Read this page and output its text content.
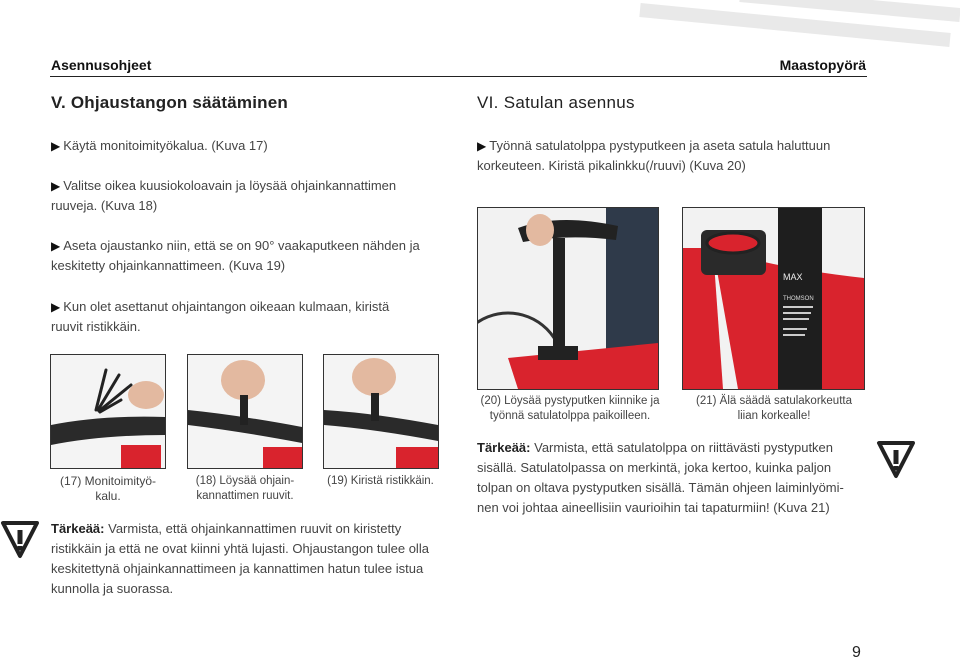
Asennusohjeet	Maastopyörä
V. Ohjaustangon säätäminen
▶ Käytä monitoimityökalua. (Kuva 17)
▶ Valitse oikea kuusiokoloavain ja löysää ohjainkannattimen ruuveja. (Kuva 18)
▶ Aseta ojaustanko niin, että se on 90° vaakaputkeen nähden ja keskitetty ohjainkannattimeen. (Kuva 19)
▶ Kun olet asettanut ohjaintangon oikeaan kulmaan, kiristä ruuvit ristikkäin.
(17) Monitoimityö-kalu.
(18) Löysää ohjain-kannattimen ruuvit.
(19) Kiristä ristikkäin.
Tärkeää: Varmista, että ohjainkannattimen ruuvit on kiristetty ristikkäin ja että ne ovat kiinni yhtä lujasti. Ohjaustangon tulee olla keskitettynä ohjainkannattimeen ja kannattimen hatun tulee istua kunnolla ja suorassa.
VI. Satulan asennus
▶ Työnnä satulatolppa pystyputkeen ja aseta satula haluttuun korkeuteen. Kiristä pikalinkku(/ruuvi) (Kuva 20)
MAX
THOMSON
(20) Löysää pystyputken kiinnike ja työnnä satulatolppa paikoilleen.
(21) Älä säädä satulakorkeutta liian korkealle!
Tärkeää: Varmista, että satulatolppa on riittävästi pystyputken sisällä. Satulatolpassa on merkintä, joka kertoo, kuinka paljon tolpan on oltava pystyputken sisällä. Tämän ohjeen laiminlyömi-nen voi johtaa aineellisiin vaurioihin tai tapaturmiin! (Kuva 21)
9
